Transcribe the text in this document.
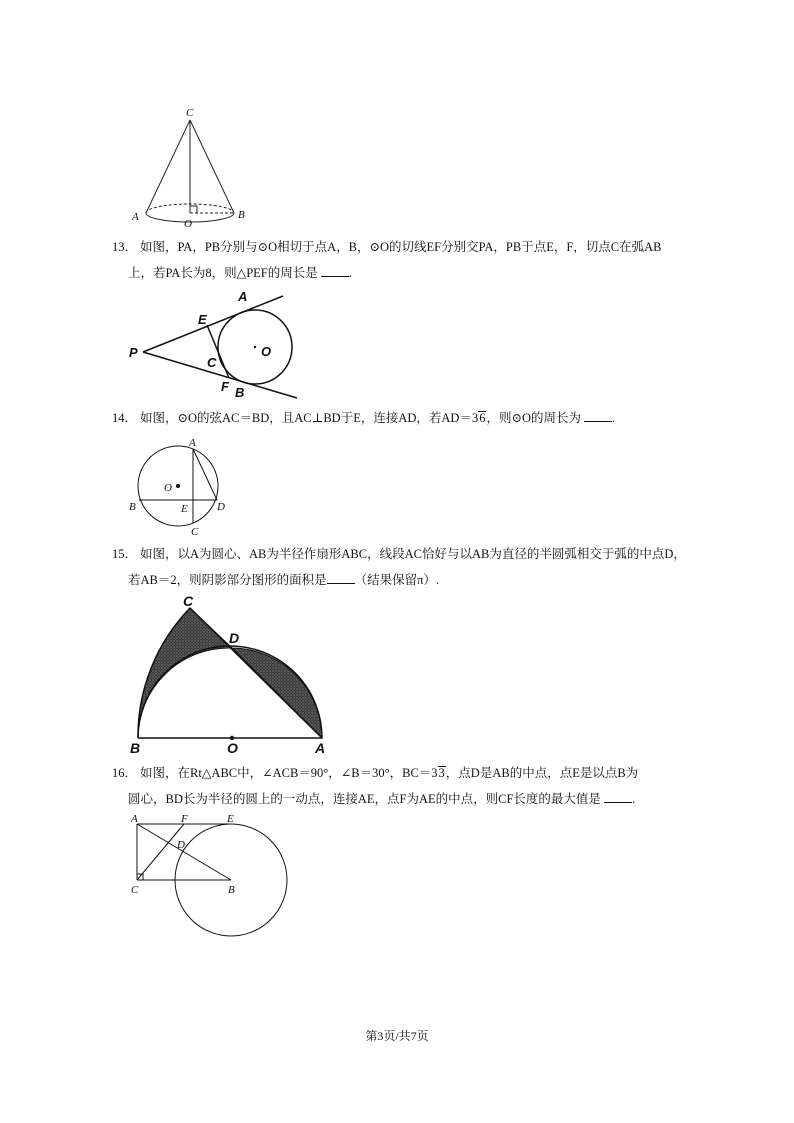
C
A
O
B
13． 如图，PA，PB分别与⊙O相切于点A，B，⊙O的切线EF分别交PA，PB于点E，F，切点C在弧AB
上，若PA长为8，则△PEF的周长是 .
A
E
C
O
P
F B
14． 如图，⊙O的弦AC＝BD，且AC⊥BD于E，连接AD，若AD＝36，则⊙O的周长为 .
A
O
B	E	D
C
15． 如图，以A为圆心、AB为半径作扇形ABC，线段AC恰好与以AB为直径的半圆弧相交于弧的中点D，
若AB＝2，则阴影部分图形的面积是 （结果保留π）.
C
D
B	O	A
16． 如图，在Rt△ABC中，∠ACB＝90°，∠B＝30°，BC＝33，点D是AB的中点，点E是以点B为
圆心，BD长为半径的圆上的一动点，连接AE，点F为AE的中点，则CF长度的最大值是 .
A	F	E
D
C	B
第3页/共7页
